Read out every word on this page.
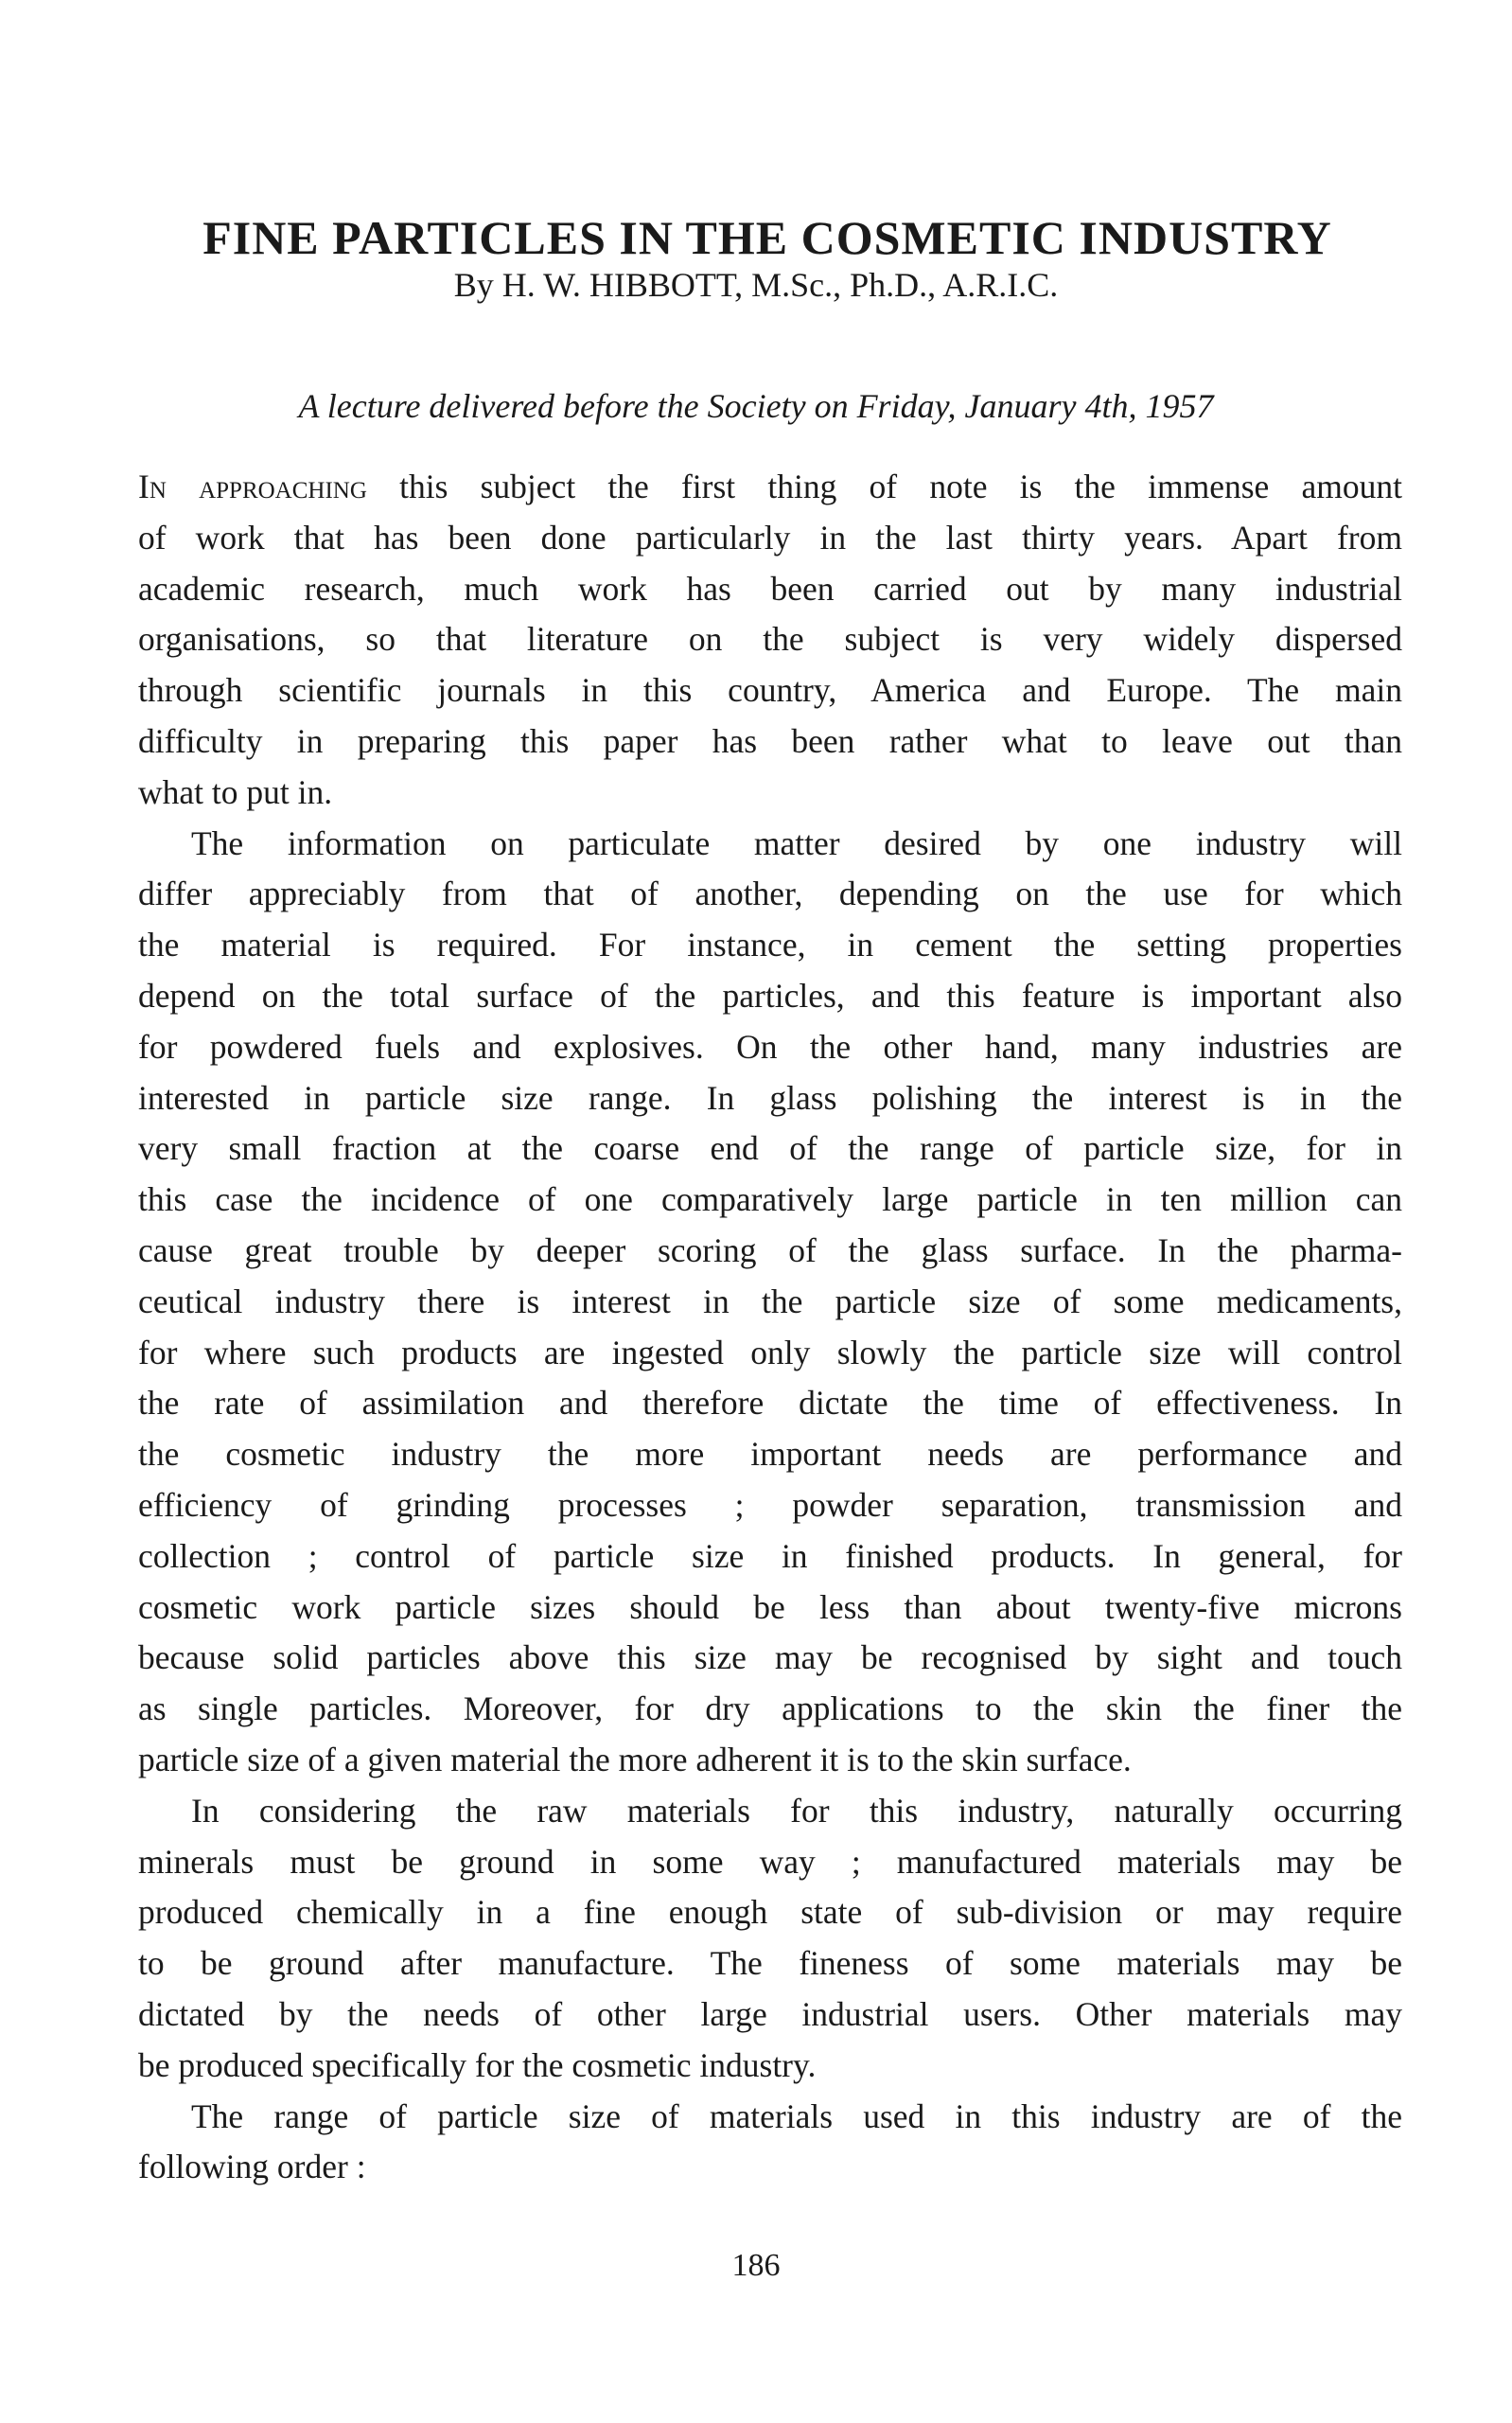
FINE PARTICLES IN THE COSMETIC INDUSTRY
By H. W. HIBBOTT, M.Sc., Ph.D., A.R.I.C.
A lecture delivered before the Society on Friday, January 4th, 1957
In approaching this subject the first thing of note is the immense amount
of work that has been done particularly in the last thirty years. Apart from
academic research, much work has been carried out by many industrial
organisations, so that literature on the subject is very widely dispersed
through scientific journals in this country, America and Europe. The main
difficulty in preparing this paper has been rather what to leave out than
what to put in.
The information on particulate matter desired by one industry will
differ appreciably from that of another, depending on the use for which
the material is required. For instance, in cement the setting properties
depend on the total surface of the particles, and this feature is important also
for powdered fuels and explosives. On the other hand, many industries are
interested in particle size range. In glass polishing the interest is in the
very small fraction at the coarse end of the range of particle size, for in
this case the incidence of one comparatively large particle in ten million can
cause great trouble by deeper scoring of the glass surface. In the pharma-
ceutical industry there is interest in the particle size of some medicaments,
for where such products are ingested only slowly the particle size will control
the rate of assimilation and therefore dictate the time of effectiveness. In
the cosmetic industry the more important needs are performance and
efficiency of grinding processes ; powder separation, transmission and
collection ; control of particle size in finished products. In general, for
cosmetic work particle sizes should be less than about twenty-five microns
because solid particles above this size may be recognised by sight and touch
as single particles. Moreover, for dry applications to the skin the finer the
particle size of a given material the more adherent it is to the skin surface.
In considering the raw materials for this industry, naturally occurring
minerals must be ground in some way ; manufactured materials may be
produced chemically in a fine enough state of sub-division or may require
to be ground after manufacture. The fineness of some materials may be
dictated by the needs of other large industrial users. Other materials may
be produced specifically for the cosmetic industry.
The range of particle size of materials used in this industry are of the
following order :
186
